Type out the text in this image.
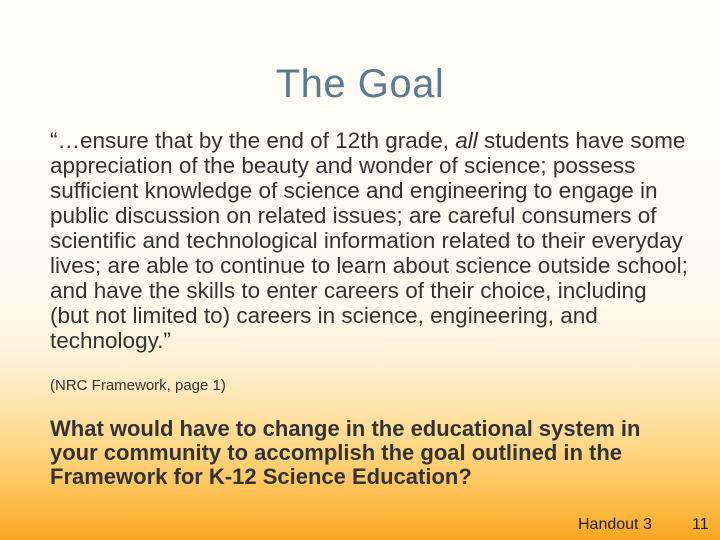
The Goal
“…ensure that by the end of 12th grade, all students have some appreciation of the beauty and wonder of science; possess sufficient knowledge of science and engineering to engage in public discussion on related issues; are careful consumers of scientific and technological information related to their everyday lives; are able to continue to learn about science outside school; and have the skills to enter careers of their choice, including (but not limited to) careers in science, engineering, and technology.”
(NRC Framework, page 1)
What would have to change in the educational system in your community to accomplish the goal outlined in the Framework for K-12 Science Education?
Handout 3	11
